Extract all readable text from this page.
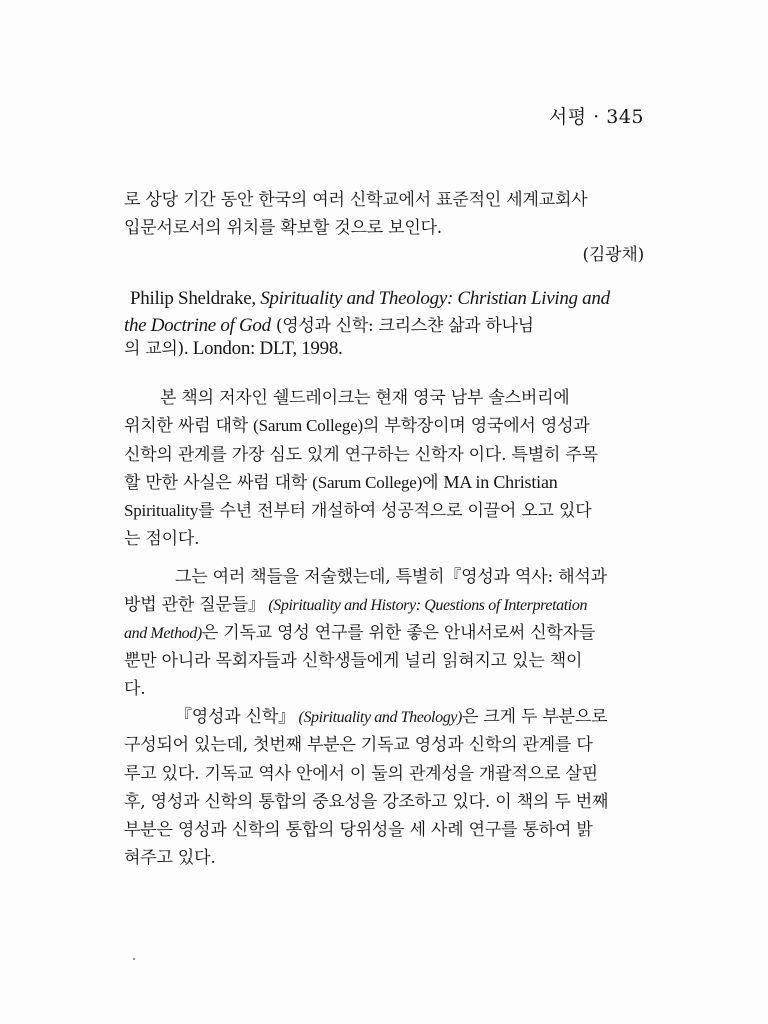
서평 · 345
로 상당 기간 동안 한국의 여러 신학교에서 표준적인 세계교회사
입문서로서의 위치를 확보할 것으로 보인다.
(김광채)
Philip Sheldrake, Spirituality and Theology: Christian Living and
the Doctrine of God (영성과 신학: 크리스챤 삶과 하나님
의 교의). London: DLT, 1998.
본 책의 저자인 쉘드레이크는 현재 영국 남부 솔스버리에
위치한 싸럼 대학 (Sarum College)의 부학장이며 영국에서 영성과
신학의 관계를 가장 심도 있게 연구하는 신학자 이다. 특별히 주목
할 만한 사실은 싸럼 대학 (Sarum College)에 MA in Christian
Spirituality를 수년 전부터 개설하여 성공적으로 이끌어 오고 있다
는 점이다.
그는 여러 책들을 저술했는데, 특별히『영성과 역사: 해석과
방법 관한 질문들』 (Spirituality and History: Questions of Interpretation
and Method)은 기독교 영성 연구를 위한 좋은 안내서로써 신학자들
뿐만 아니라 목회자들과 신학생들에게 널리 읽혀지고 있는 책이
다.
『영성과 신학』 (Spirituality and Theology)은 크게 두 부분으로
구성되어 있는데, 첫번째 부분은 기독교 영성과 신학의 관계를 다
루고 있다. 기독교 역사 안에서 이 둘의 관계성을 개괄적으로 살핀
후, 영성과 신학의 통합의 중요성을 강조하고 있다. 이 책의 두 번째
부분은 영성과 신학의 통합의 당위성을 세 사례 연구를 통하여 밝
혀주고 있다.
